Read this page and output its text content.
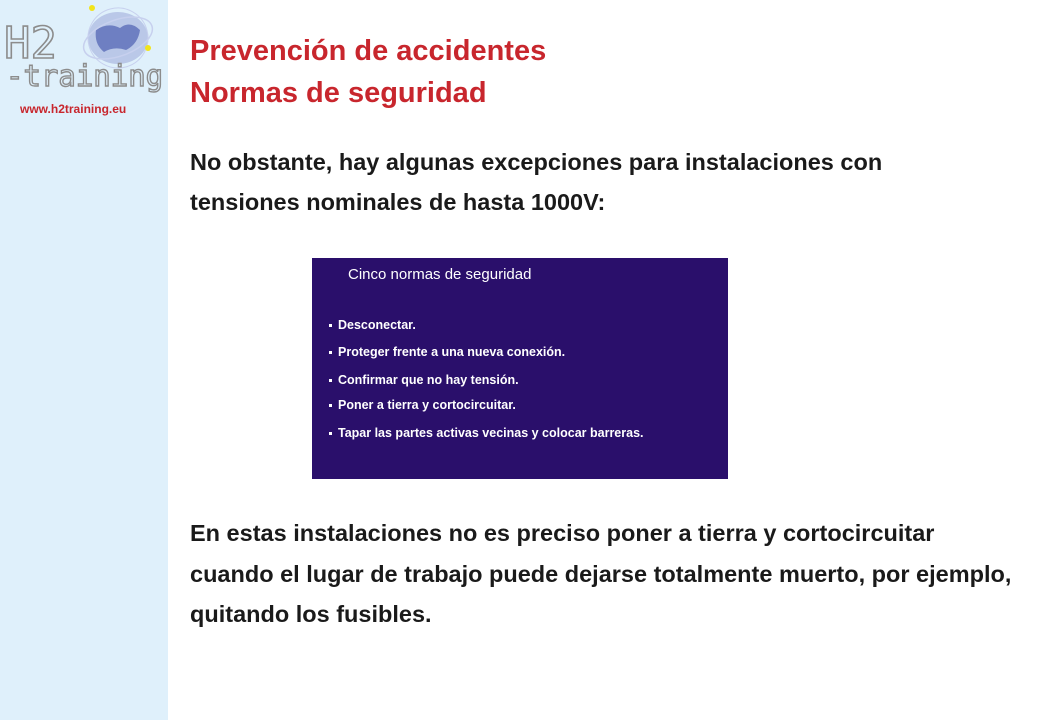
H2
-training
www.h2training.eu
Prevención de accidentes
Normas de seguridad

No obstante, hay algunas excepciones para instalaciones con tensiones nominales de hasta 1000V:

Cinco normas de seguridad
Desconectar.
Proteger frente a una nueva conexión.
Confirmar que no hay tensión.
Poner a tierra y cortocircuitar.
Tapar las partes activas vecinas y colocar barreras.

En estas instalaciones no es preciso poner a tierra y cortocircuitar cuando el lugar de trabajo puede dejarse totalmente muerto, por ejemplo, quitando los fusibles.
